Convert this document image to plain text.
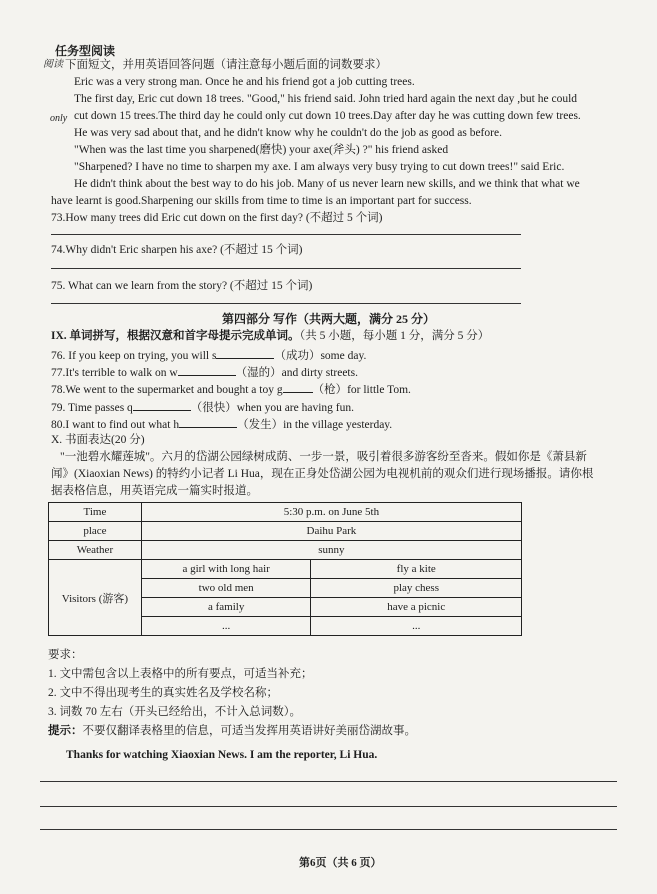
任务型阅读
阅读 下面短文，并用英语回答问题（请注意每小题后面的词数要求）
Eric was a very strong man. Once he and his friend got a job cutting trees.
The first day, Eric cut down 18 trees. "Good," his friend said. John tried hard again the next day ,but he could
only cut down 15 trees.The third day he could only cut down 10 trees.Day after day he was cutting down few trees.
He was very sad about that, and he didn't know why he couldn't do the job as good as before.
"When was the last time you sharpened(磨快) your axe(斧头) ?" his friend asked
"Sharpened? I have no time to sharpen my axe. I am always very busy trying to cut down trees!" said Eric.
He didn't think about the best way to do his job. Many of us never learn new skills, and we think that what we
have learnt is good.Sharpening our skills from time to time is an important part for success.
73.How many trees did Eric cut down on the first day? (不超过 5 个词)
74.Why didn't Eric sharpen his axe? (不超过 15 个词)
75. What can we learn from the story? (不超过 15 个词)
第四部分 写作（共两大题，满分 25 分）
IX. 单词拼写，根据汉意和首字母提示完成单词。（共 5 小题，每小题 1 分，满分 5 分）
76. If you keep on trying, you will s	（成功）some day.
77.It's terrible to walk on w	（湿的）and dirty streets.
78.We went to the supermarket and bought a toy g	（枪）for little Tom.
79. Time passes q	（很快）when you are having fun.
80.I want to find out what h	（发生）in the village yesterday.
X. 书面表达(20 分)
"一池碧水耀莲城"。六月的岱湖公园绿树成荫、一步一景，吸引着很多游客纷至沓来。假如你是《萧县新
闻》(Xiaoxian News) 的特约小记者 Li Hua，现在正身处岱湖公园为电视机前的观众们进行现场播报。请你根
据表格信息，用英语完成一篇实时报道。
Time	5:30 p.m. on June 5th	
place	Daihu Park	
Weather	sunny	
Visitors (游客)	a girl with long hair	fly a kite
	two old men	play chess
	a family	have a picnic
	...	...
要求：
1. 文中需包含以上表格中的所有要点，可适当补充；
2. 文中不得出现考生的真实姓名及学校名称；
3. 词数 70 左右（开头已经给出，不计入总词数）。
提示：不要仅翻译表格里的信息，可适当发挥用英语讲好美丽岱湖故事。
Thanks for watching Xiaoxian News. I am the reporter, Li Hua.
第6页（共 6 页）
